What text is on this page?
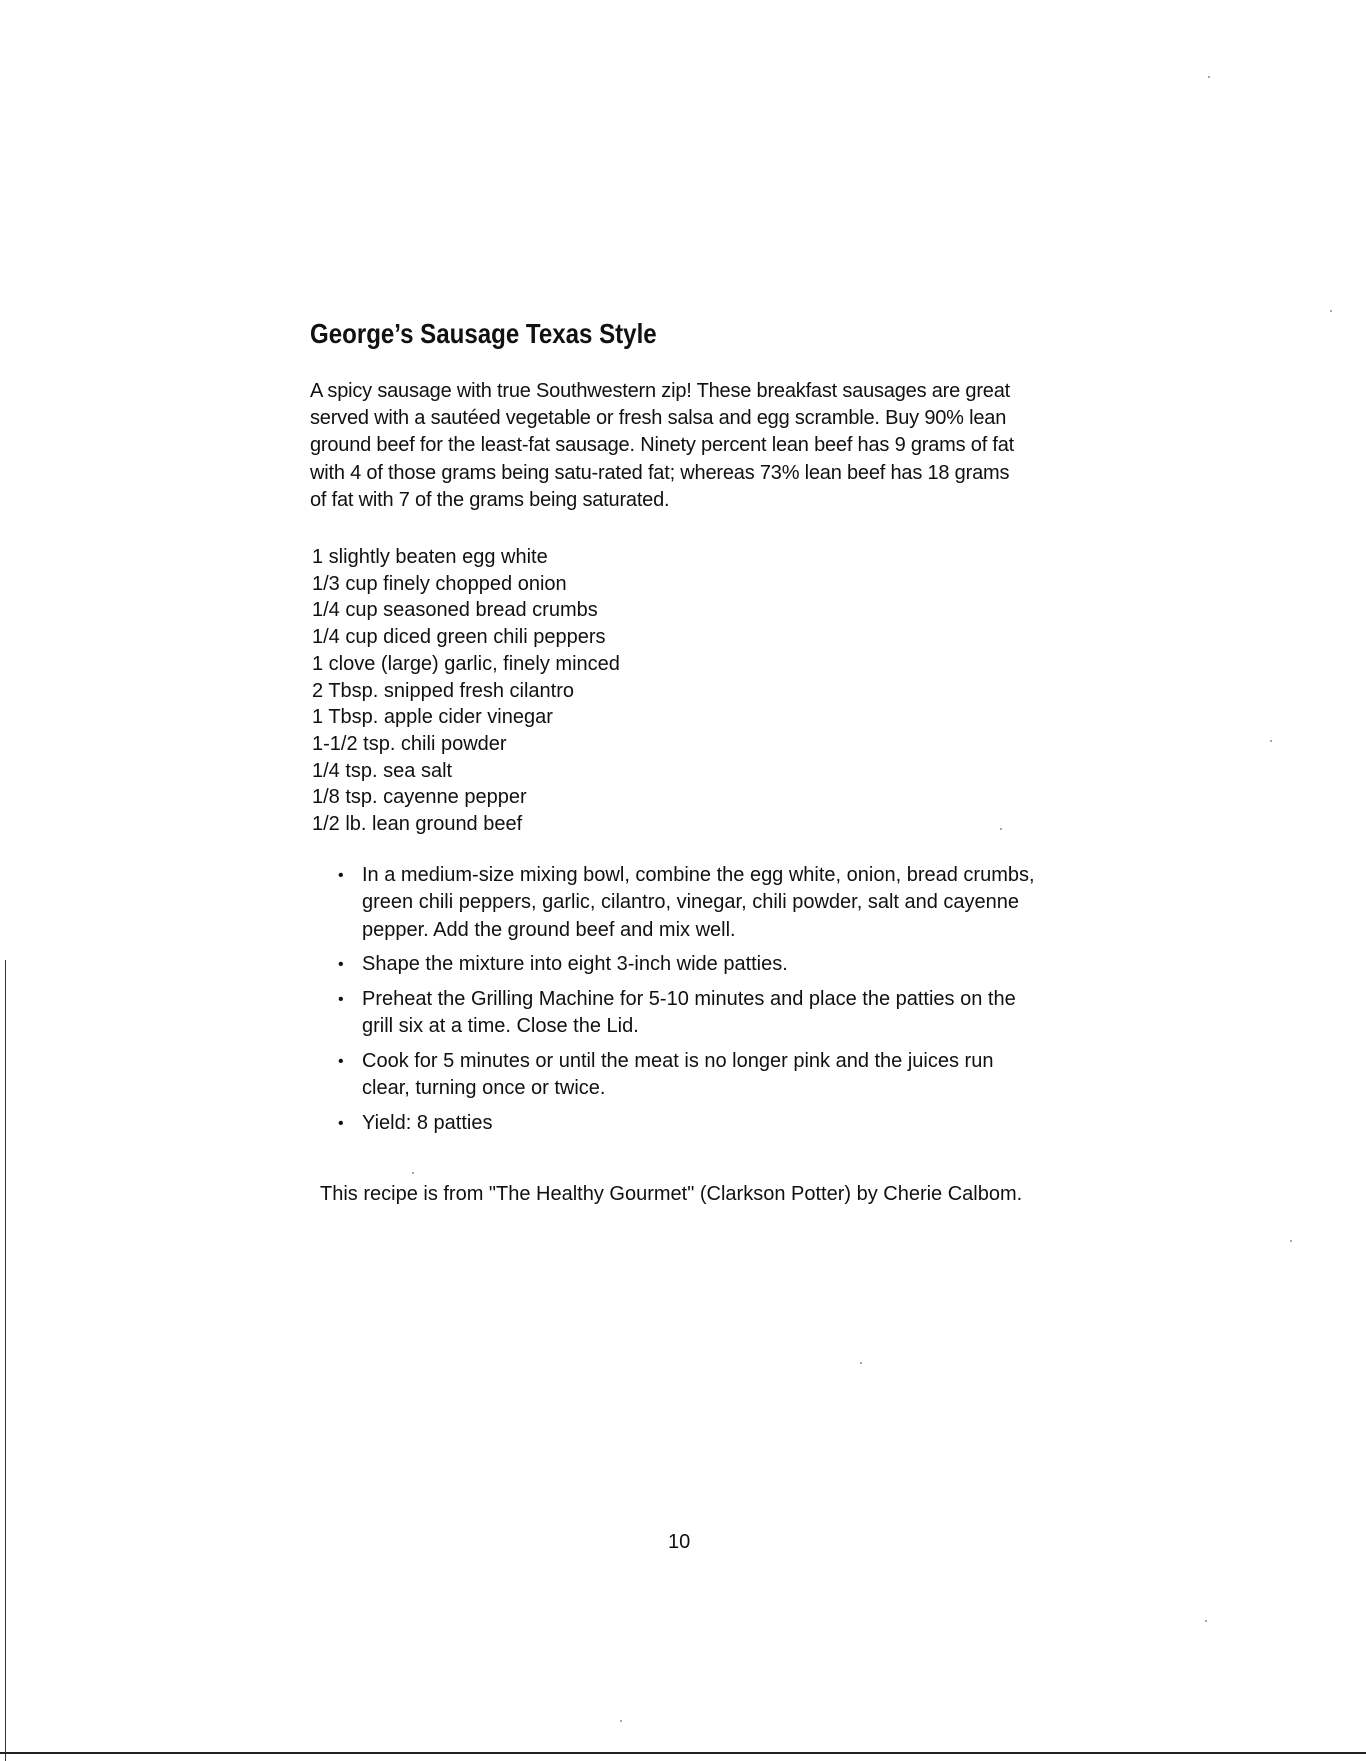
George’s Sausage Texas Style

A spicy sausage with true Southwestern zip! These breakfast sausages are great served with a sautéed vegetable or fresh salsa and egg scramble. Buy 90% lean ground beef for the least-fat sausage. Ninety percent lean beef has 9 grams of fat with 4 of those grams being satu-rated fat; whereas 73% lean beef has 18 grams of fat with 7 of the grams being saturated.

1 slightly beaten egg white
1/3 cup finely chopped onion
1/4 cup seasoned bread crumbs
1/4 cup diced green chili peppers
1 clove (large) garlic, finely minced
2 Tbsp. snipped fresh cilantro
1 Tbsp. apple cider vinegar
1-1/2 tsp. chili powder
1/4 tsp. sea salt
1/8 tsp. cayenne pepper
1/2 lb. lean ground beef
• In a medium-size mixing bowl, combine the egg white, onion, bread crumbs, green chili peppers, garlic, cilantro, vinegar, chili powder, salt and cayenne pepper. Add the ground beef and mix well.
• Shape the mixture into eight 3-inch wide patties.
• Preheat the Grilling Machine for 5-10 minutes and place the patties on the grill six at a time. Close the Lid.
• Cook for 5 minutes or until the meat is no longer pink and the juices run clear, turning once or twice.
• Yield: 8 patties

This recipe is from "The Healthy Gourmet" (Clarkson Potter) by Cherie Calbom.

10
